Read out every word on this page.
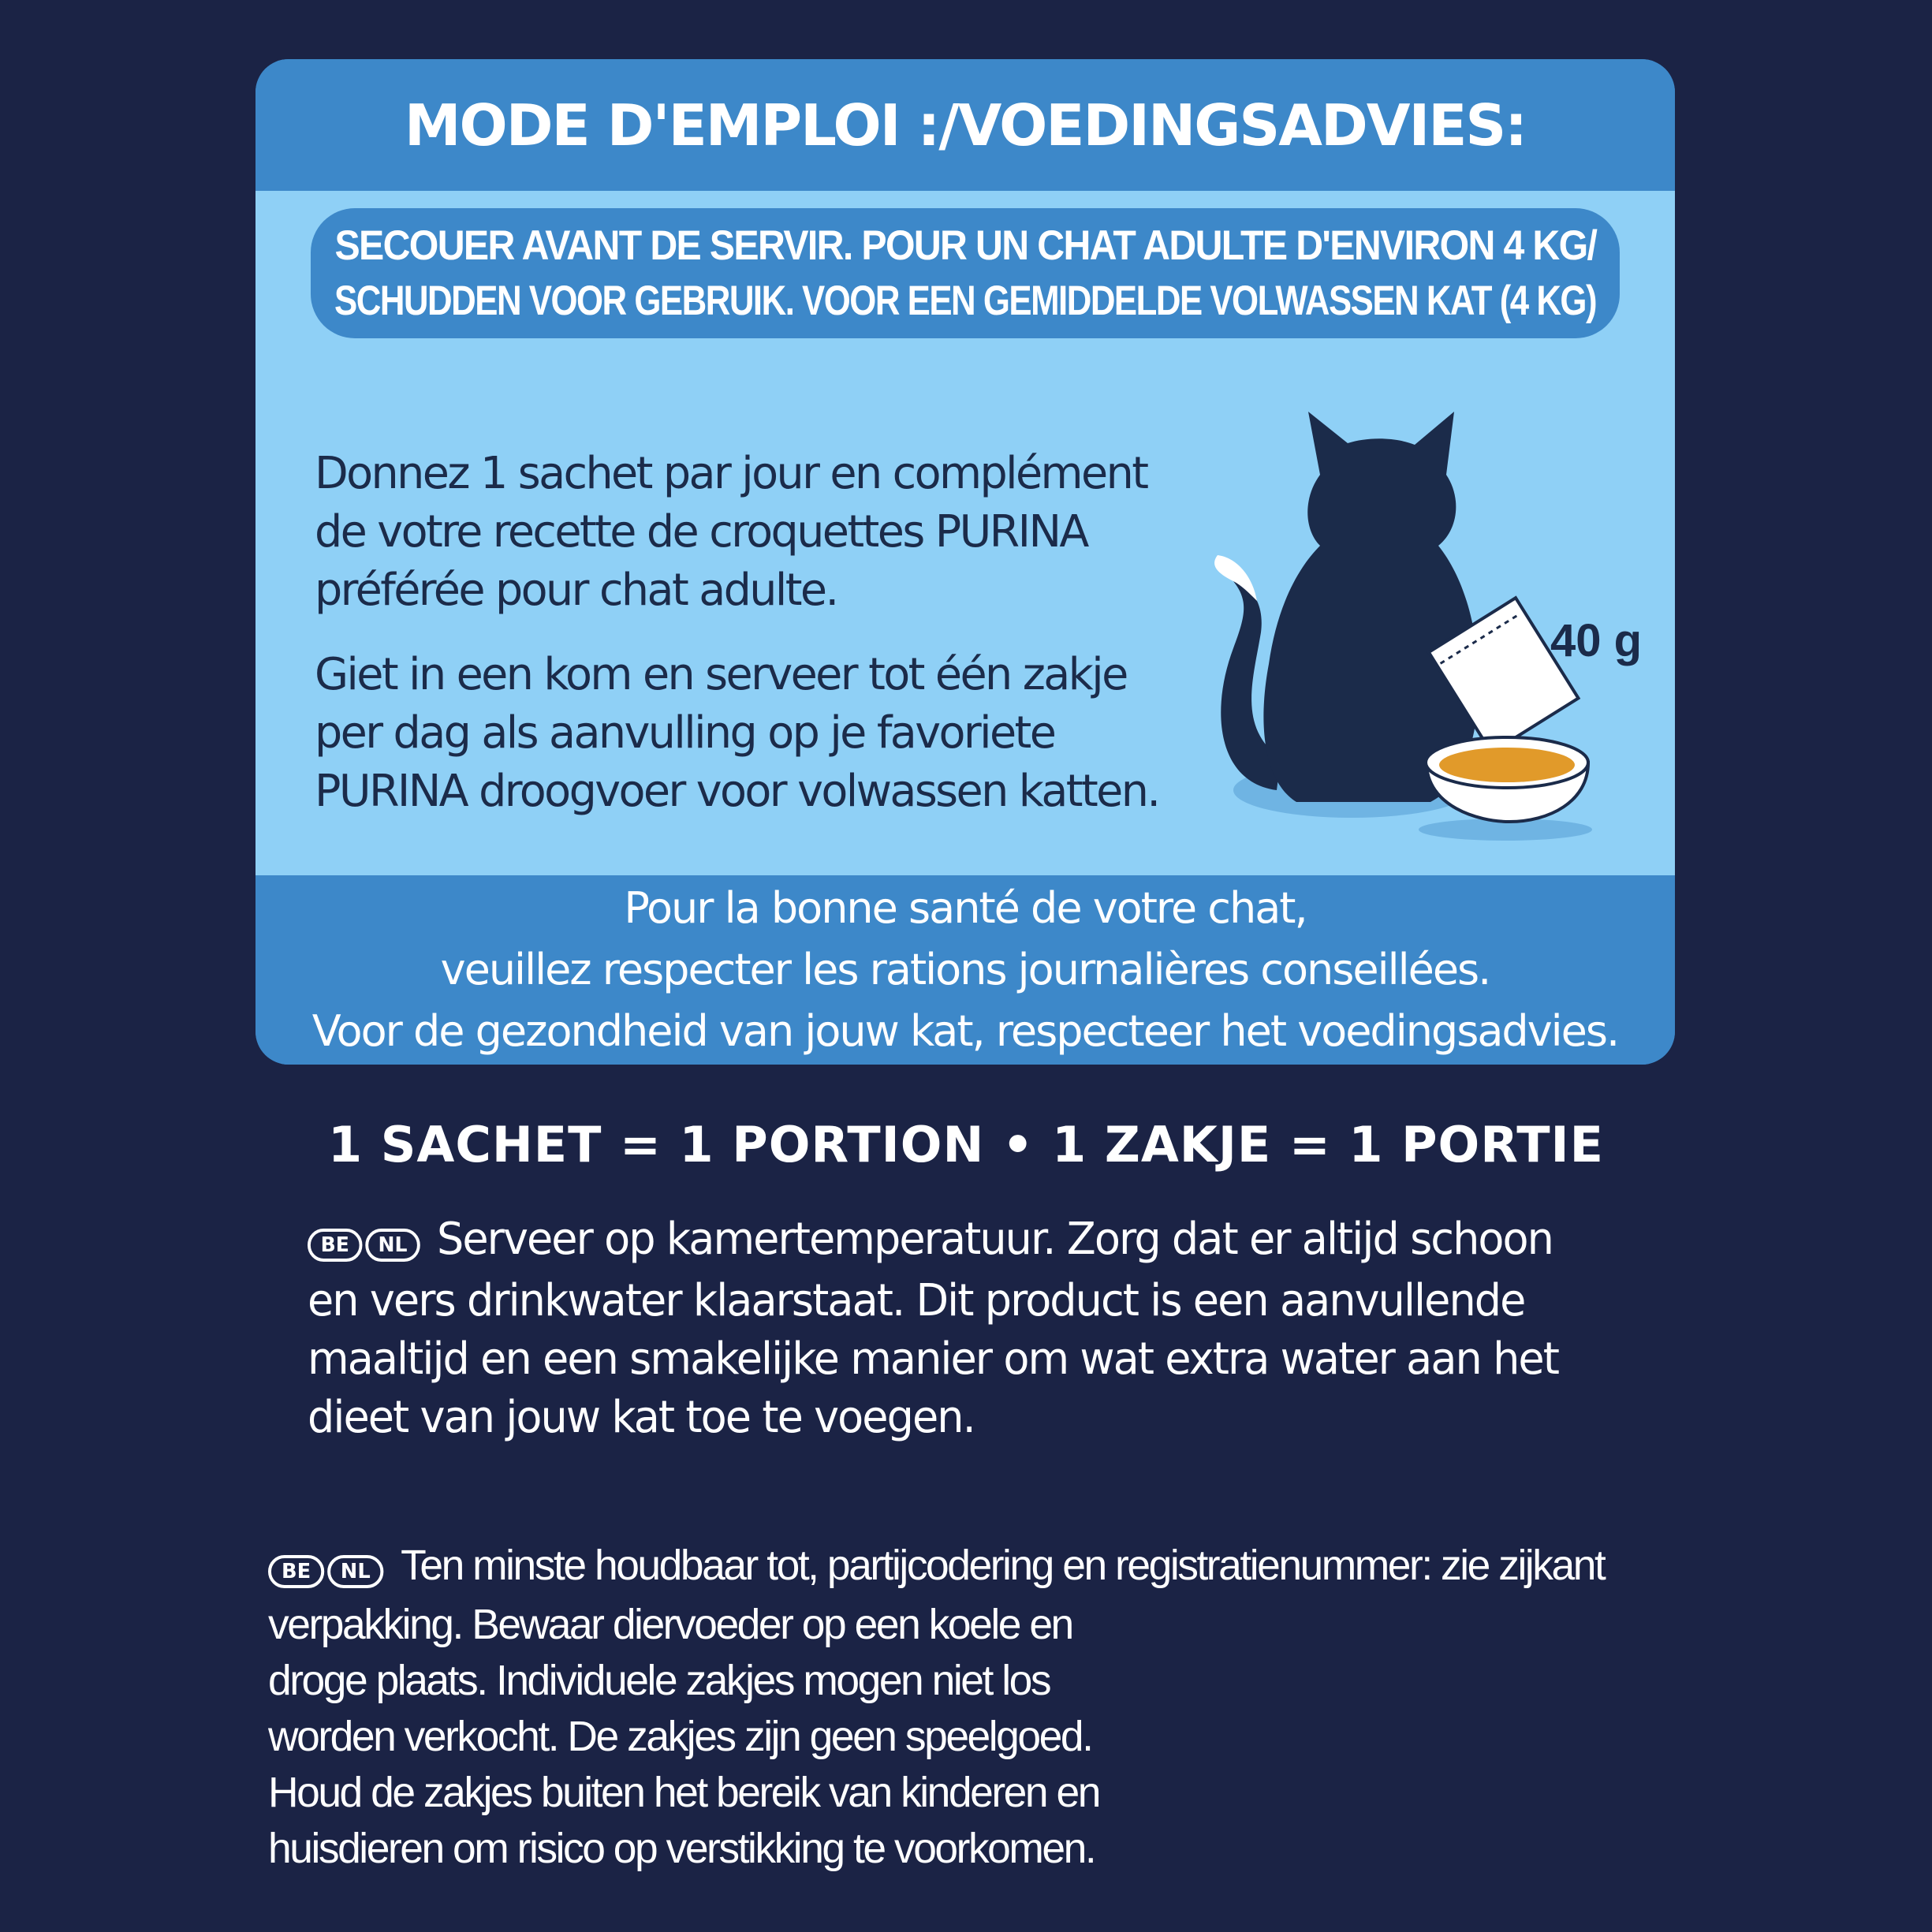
MODE D'EMPLOI :/VOEDINGSADVIES:
SECOUER AVANT DE SERVIR. POUR UN CHAT ADULTE D'ENVIRON 4 KG/
SCHUDDEN VOOR GEBRUIK. VOOR EEN GEMIDDELDE VOLWASSEN KAT (4 KG)
Donnez 1 sachet par jour en complément
de votre recette de croquettes PURINA
préférée pour chat adulte.
Giet in een kom en serveer tot één zakje
per dag als aanvulling op je favoriete
PURINA droogvoer voor volwassen katten.
40 g
Pour la bonne santé de votre chat,
veuillez respecter les rations journalières conseillées.
Voor de gezondheid van jouw kat, respecteer het voedingsadvies.
1 SACHET = 1 PORTION • 1 ZAKJE = 1 PORTIE
BE NL Serveer op kamertemperatuur. Zorg dat er altijd schoon
en vers drinkwater klaarstaat. Dit product is een aanvullende
maaltijd en een smakelijke manier om wat extra water aan het
dieet van jouw kat toe te voegen.
BE NL Ten minste houdbaar tot, partijcodering en registratienummer: zie zijkant
verpakking. Bewaar diervoeder op een koele en
droge plaats. Individuele zakjes mogen niet los
worden verkocht. De zakjes zijn geen speelgoed.
Houd de zakjes buiten het bereik van kinderen en
huisdieren om risico op verstikking te voorkomen.
